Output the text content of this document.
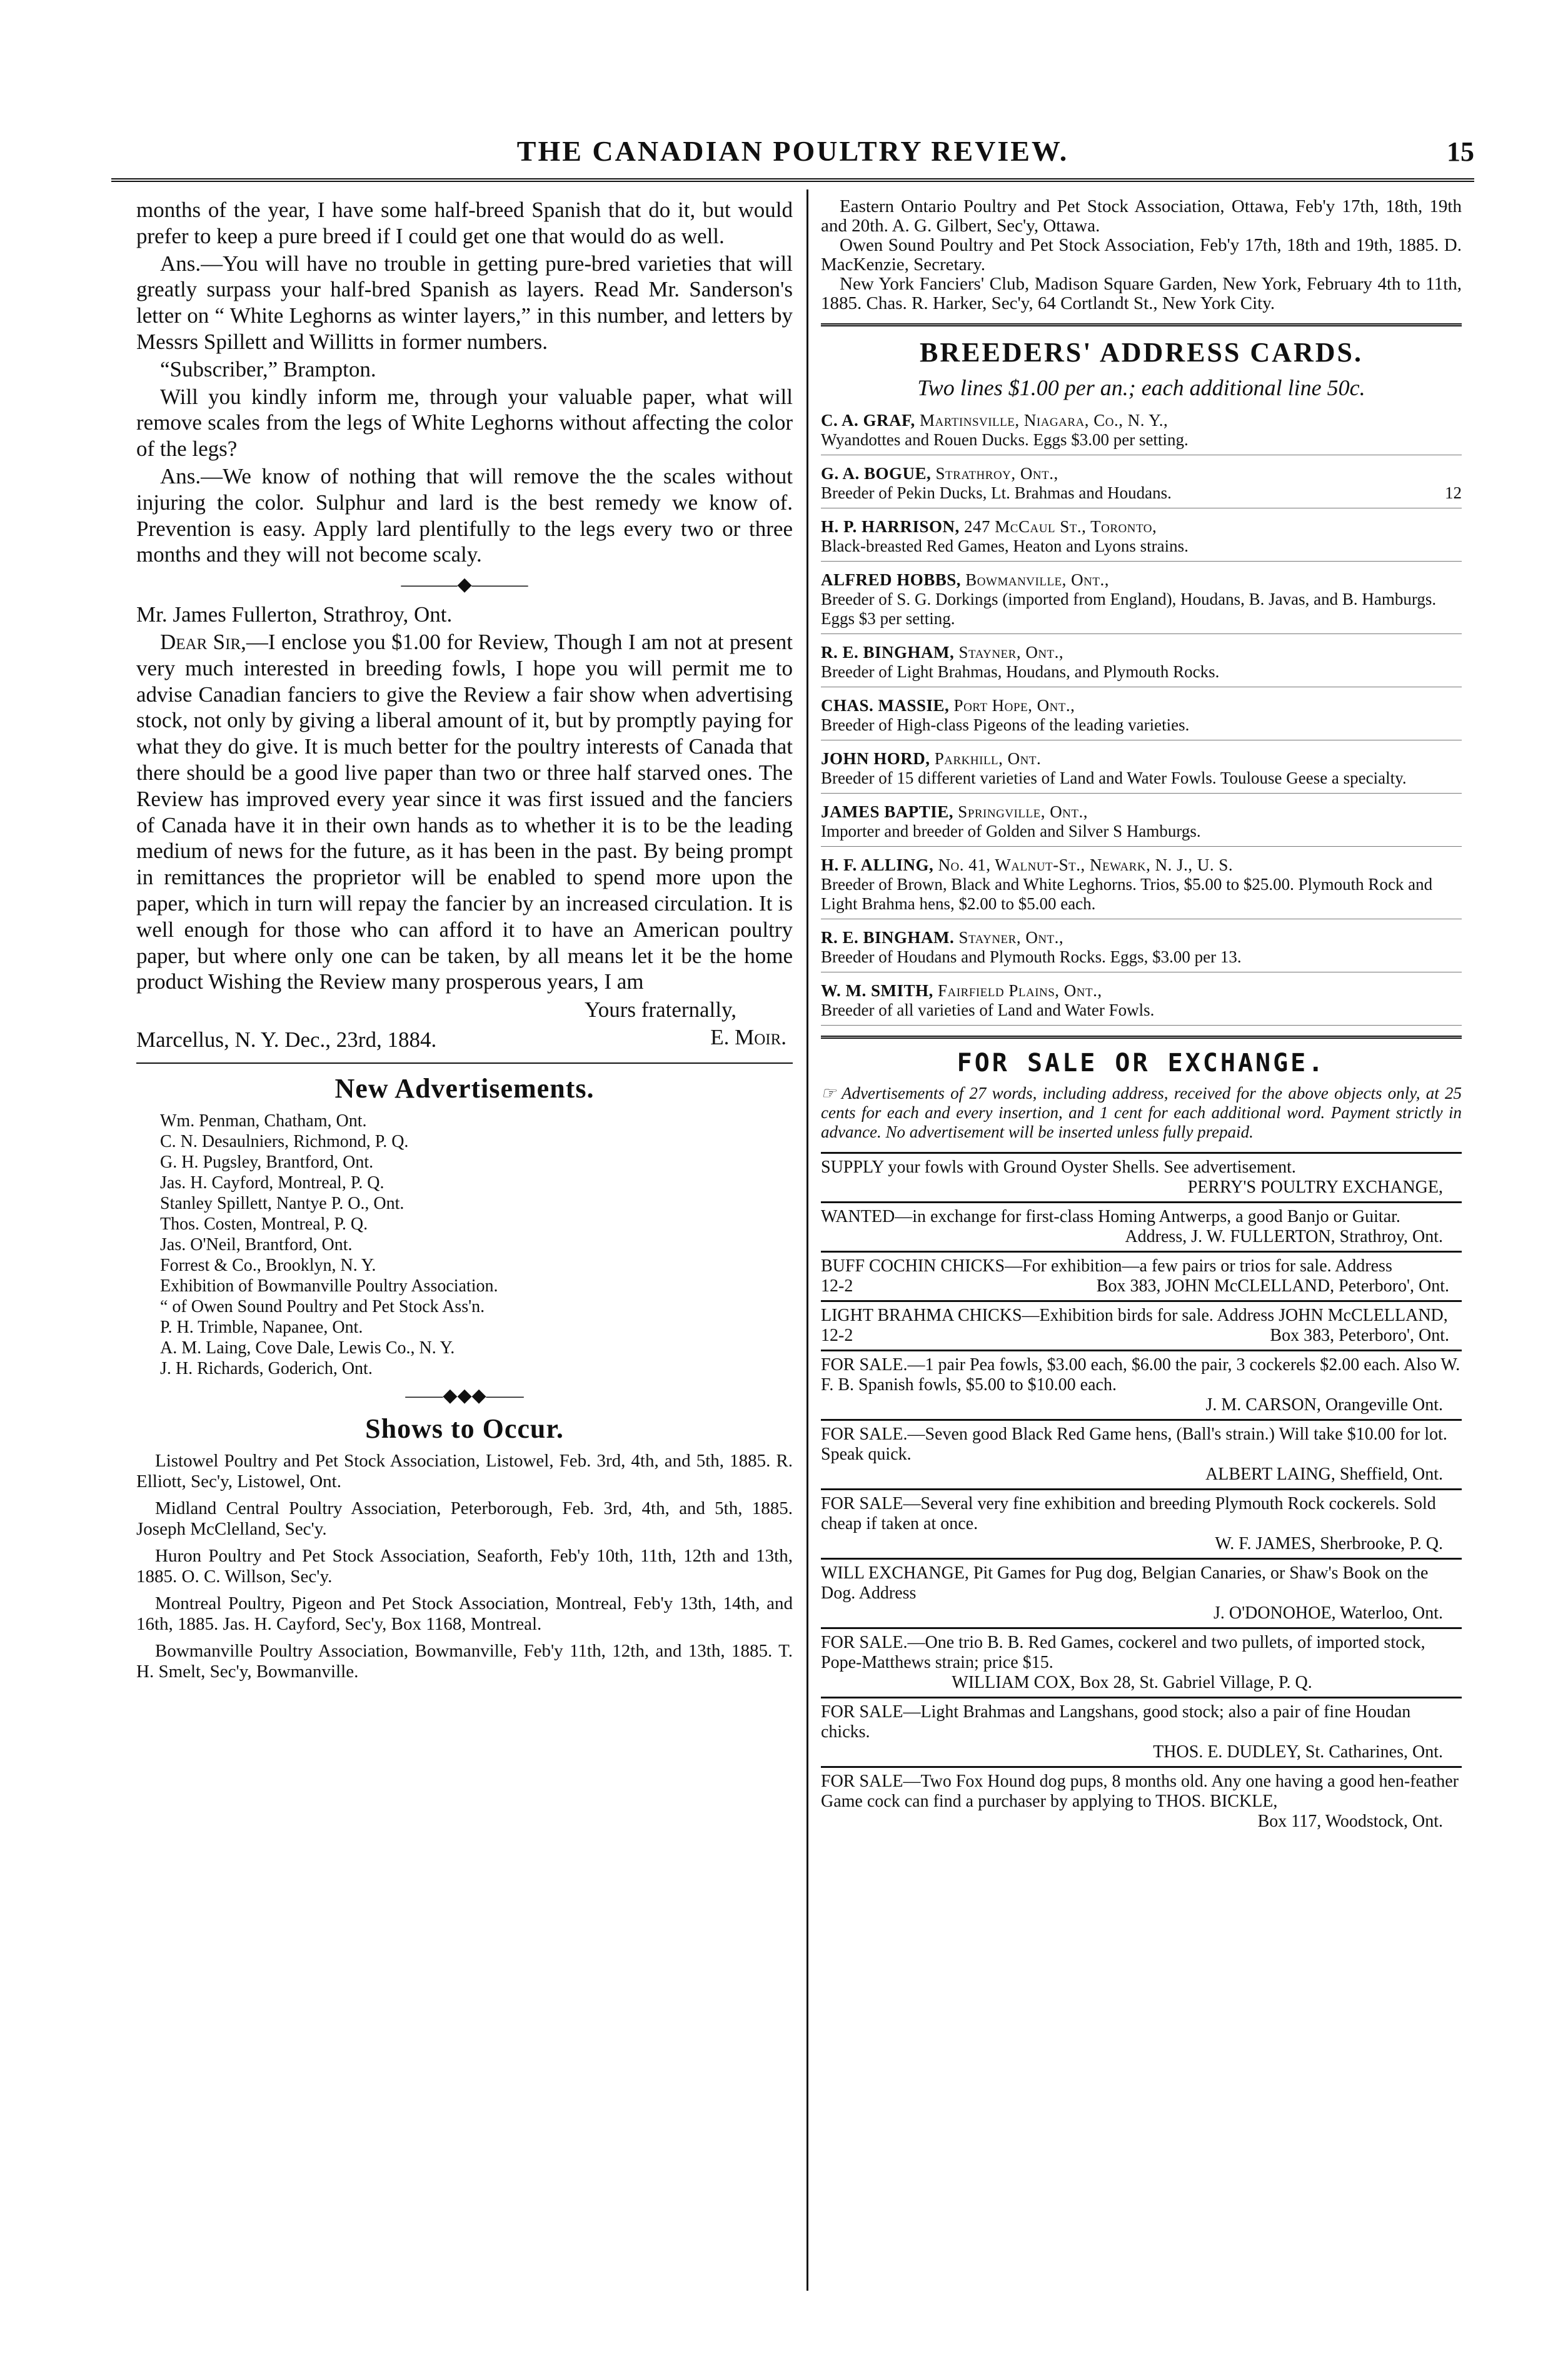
THE CANADIAN POULTRY REVIEW.	15

months of the year, I have some half-breed Spanish that do it, but would prefer to keep a pure breed if I could get one that would do as well.

Ans.—You will have no trouble in getting pure-bred varieties that will greatly surpass your half-bred Spanish as layers. Read Mr. Sanderson's letter on “ White Leghorns as winter layers,” in this number, and letters by Messrs Spillett and Willitts in former numbers.

“Subscriber,” Brampton.

Will you kindly inform me, through your valuable paper, what will remove scales from the legs of White Leghorns without affecting the color of the legs?

Ans.—We know of nothing that will remove the the scales without injuring the color. Sulphur and lard is the best remedy we know of. Prevention is easy. Apply lard plentifully to the legs every two or three months and they will not become scaly.

———◆———

Mr. James Fullerton, Strathroy, Ont.

Dear Sir,—I enclose you $1.00 for Review, Though I am not at present very much interested in breeding fowls, I hope you will permit me to advise Canadian fanciers to give the Review a fair show when advertising stock, not only by giving a liberal amount of it, but by promptly paying for what they do give. It is much better for the poultry interests of Canada that there should be a good live paper than two or three half starved ones. The Review has improved every year since it was first issued and the fanciers of Canada have it in their own hands as to whether it is to be the leading medium of news for the future, as it has been in the past. By being prompt in remittances the proprietor will be enabled to spend more upon the paper, which in turn will repay the fancier by an increased circulation. It is well enough for those who can afford it to have an American poultry paper, but where only one can be taken, by all means let it be the home product Wishing the Review many prosperous years, I am

Yours fraternally,
E. Moir.
Marcellus, N. Y. Dec., 23rd, 1884.
New Advertisements.
Wm. Penman, Chatham, Ont.
C. N. Desaulniers, Richmond, P. Q.
G. H. Pugsley, Brantford, Ont.
Jas. H. Cayford, Montreal, P. Q.
Stanley Spillett, Nantye P. O., Ont.
Thos. Costen, Montreal, P. Q.
Jas. O'Neil, Brantford, Ont.
Forrest & Co., Brooklyn, N. Y.
Exhibition of Bowmanville Poultry Association.
“ of Owen Sound Poultry and Pet Stock Ass'n.
P. H. Trimble, Napanee, Ont.
A. M. Laing, Cove Dale, Lewis Co., N. Y.
J. H. Richards, Goderich, Ont.
——◆◆◆——
Shows to Occur.

Listowel Poultry and Pet Stock Association, Listowel, Feb. 3rd, 4th, and 5th, 1885. R. Elliott, Sec'y, Listowel, Ont.

Midland Central Poultry Association, Peterborough, Feb. 3rd, 4th, and 5th, 1885. Joseph McClelland, Sec'y.

Huron Poultry and Pet Stock Association, Seaforth, Feb'y 10th, 11th, 12th and 13th, 1885. O. C. Willson, Sec'y.

Montreal Poultry, Pigeon and Pet Stock Association, Montreal, Feb'y 13th, 14th, and 16th, 1885. Jas. H. Cayford, Sec'y, Box 1168, Montreal.

Bowmanville Poultry Association, Bowmanville, Feb'y 11th, 12th, and 13th, 1885. T. H. Smelt, Sec'y, Bowmanville.

Eastern Ontario Poultry and Pet Stock Association, Ottawa, Feb'y 17th, 18th, 19th and 20th. A. G. Gilbert, Sec'y, Ottawa.

Owen Sound Poultry and Pet Stock Association, Feb'y 17th, 18th and 19th, 1885. D. MacKenzie, Secretary.

New York Fanciers' Club, Madison Square Garden, New York, February 4th to 11th, 1885. Chas. R. Harker, Sec'y, 64 Cortlandt St., New York City.

BREEDERS' ADDRESS CARDS.
Two lines $1.00 per an.; each additional line 50c.
C. A. GRAF, Martinsville, Niagara, Co., N. Y.,
Wyandottes and Rouen Ducks. Eggs $3.00 per setting.
G. A. BOGUE, Strathroy, Ont.,
Breeder of Pekin Ducks, Lt. Brahmas and Houdans.	12
H. P. HARRISON, 247 McCaul St., Toronto,
Black-breasted Red Games, Heaton and Lyons strains.
ALFRED HOBBS, Bowmanville, Ont.,
Breeder of S. G. Dorkings (imported from England), Houdans, B. Javas, and B. Hamburgs. Eggs $3 per setting.
R. E. BINGHAM, Stayner, Ont.,
Breeder of Light Brahmas, Houdans, and Plymouth Rocks.
CHAS. MASSIE, Port Hope, Ont.,
Breeder of High-class Pigeons of the leading varieties.
JOHN HORD, Parkhill, Ont.
Breeder of 15 different varieties of Land and Water Fowls. Toulouse Geese a specialty.
JAMES BAPTIE, Springville, Ont.,
Importer and breeder of Golden and Silver S Hamburgs.
H. F. ALLING, No. 41, Walnut-St., Newark, N. J., U. S.
Breeder of Brown, Black and White Leghorns. Trios, $5.00 to $25.00. Plymouth Rock and Light Brahma hens, $2.00 to $5.00 each.
R. E. BINGHAM. Stayner, Ont.,
Breeder of Houdans and Plymouth Rocks. Eggs, $3.00 per 13.
W. M. SMITH, Fairfield Plains, Ont.,
Breeder of all varieties of Land and Water Fowls.
FOR SALE OR EXCHANGE.
☞ Advertisements of 27 words, including address, received for the above objects only, at 25 cents for each and every insertion, and 1 cent for each additional word. Payment strictly in advance. No advertisement will be inserted unless fully prepaid.
SUPPLY your fowls with Ground Oyster Shells. See advertisement.
PERRY'S POULTRY EXCHANGE,
WANTED—in exchange for first-class Homing Antwerps, a good Banjo or Guitar.
Address, J. W. FULLERTON, Strathroy, Ont.
BUFF COCHIN CHICKS—For exhibition—a few pairs or trios for sale. Address
12-2	Box 383, JOHN McCLELLAND, Peterboro', Ont.
LIGHT BRAHMA CHICKS—Exhibition birds for sale. Address JOHN McCLELLAND,
12-2	Box 383, Peterboro', Ont.
FOR SALE.—1 pair Pea fowls, $3.00 each, $6.00 the pair, 3 cockerels $2.00 each. Also W. F. B. Spanish fowls, $5.00 to $10.00 each.
J. M. CARSON, Orangeville Ont.
FOR SALE.—Seven good Black Red Game hens, (Ball's strain.) Will take $10.00 for lot. Speak quick.
ALBERT LAING, Sheffield, Ont.
FOR SALE—Several very fine exhibition and breeding Plymouth Rock cockerels. Sold cheap if taken at once.
W. F. JAMES, Sherbrooke, P. Q.
WILL EXCHANGE, Pit Games for Pug dog, Belgian Canaries, or Shaw's Book on the Dog. Address
J. O'DONOHOE, Waterloo, Ont.
FOR SALE.—One trio B. B. Red Games, cockerel and two pullets, of imported stock, Pope-Matthews strain; price $15.
WILLIAM COX, Box 28, St. Gabriel Village, P. Q.
FOR SALE—Light Brahmas and Langshans, good stock; also a pair of fine Houdan chicks.
THOS. E. DUDLEY, St. Catharines, Ont.
FOR SALE—Two Fox Hound dog pups, 8 months old. Any one having a good hen-feather Game cock can find a purchaser by applying to THOS. BICKLE,
Box 117, Woodstock, Ont.
